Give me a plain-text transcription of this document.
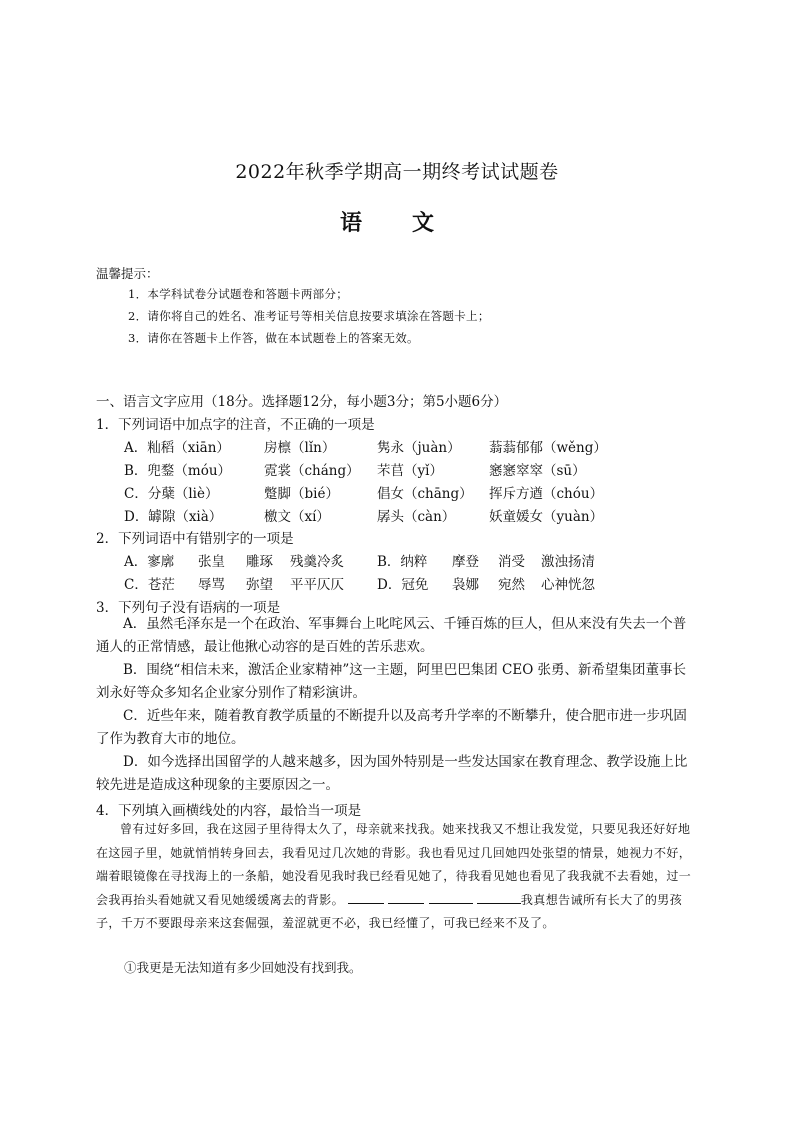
2022年秋季学期高一期终考试试题卷
语文
温馨提示：
1．本学科试卷分试题卷和答题卡两部分；
2．请你将自己的姓名、准考证号等相关信息按要求填涂在答题卡上；
3．请你在答题卡上作答，做在本试题卷上的答案无效。
一、语言文字应用（18分。选择题12分，每小题3分；第5小题6分）
1．下列词语中加点字的注音，不正确的一项是
A．籼稻（xiān）	房檩（lǐn）	隽永（juàn） 蓊蓊郁郁（wěng）
B．兜鍪（móu） 霓裳（cháng） 芣苢（yǐ）	窸窸窣窣（sū）
C．分蘖（liè）	蹩脚（bié）	倡女（chāng） 挥斥方遒（chóu）
D．罅隙（xià）	檄文（xí）	孱头（càn） 妖童媛女（yuàn）
2．下列词语中有错别字的一项是
A．寥廓 张皇 雕琢 残羹冷炙 B．纳粹 摩登 消受 激浊扬清
C．苍茫 辱骂 弥望 平平仄仄 D．冠免 袅娜 宛然 心神恍忽
3．下列句子没有语病的一项是
A．虽然毛泽东是一个在政治、军事舞台上叱咤风云、千锤百炼的巨人，但从来没有失去一个普通人的正常情感，最让他揪心动容的是百姓的苦乐悲欢。
B．围绕“相信未来，激活企业家精神”这一主题，阿里巴巴集团 CEO 张勇、新希望集团董事长刘永好等众多知名企业家分别作了精彩演讲。
C．近些年来，随着教育教学质量的不断提升以及高考升学率的不断攀升，使合肥市进一步巩固了作为教育大市的地位。
D．如今选择出国留学的人越来越多，因为国外特别是一些发达国家在教育理念、教学设施上比较先进是造成这种现象的主要原因之一。
4．下列填入画横线处的内容，最恰当一项是
曾有过好多回，我在这园子里待得太久了，母亲就来找我。她来找我又不想让我发觉，只要见我还好好地在这园子里，她就悄悄转身回去，我看见过几次她的背影。我也看见过几回她四处张望的情景，她视力不好，端着眼镜像在寻找海上的一条船，她没看见我时我已经看见她了，待我看见她也看见了我我就不去看她，过一会我再抬头看她就又看见她缓缓离去的背影。	我真想告诫所有长大了的男孩子，千万不要跟母亲来这套倔强，羞涩就更不必，我已经懂了，可我已经来不及了。
①我更是无法知道有多少回她没有找到我。
